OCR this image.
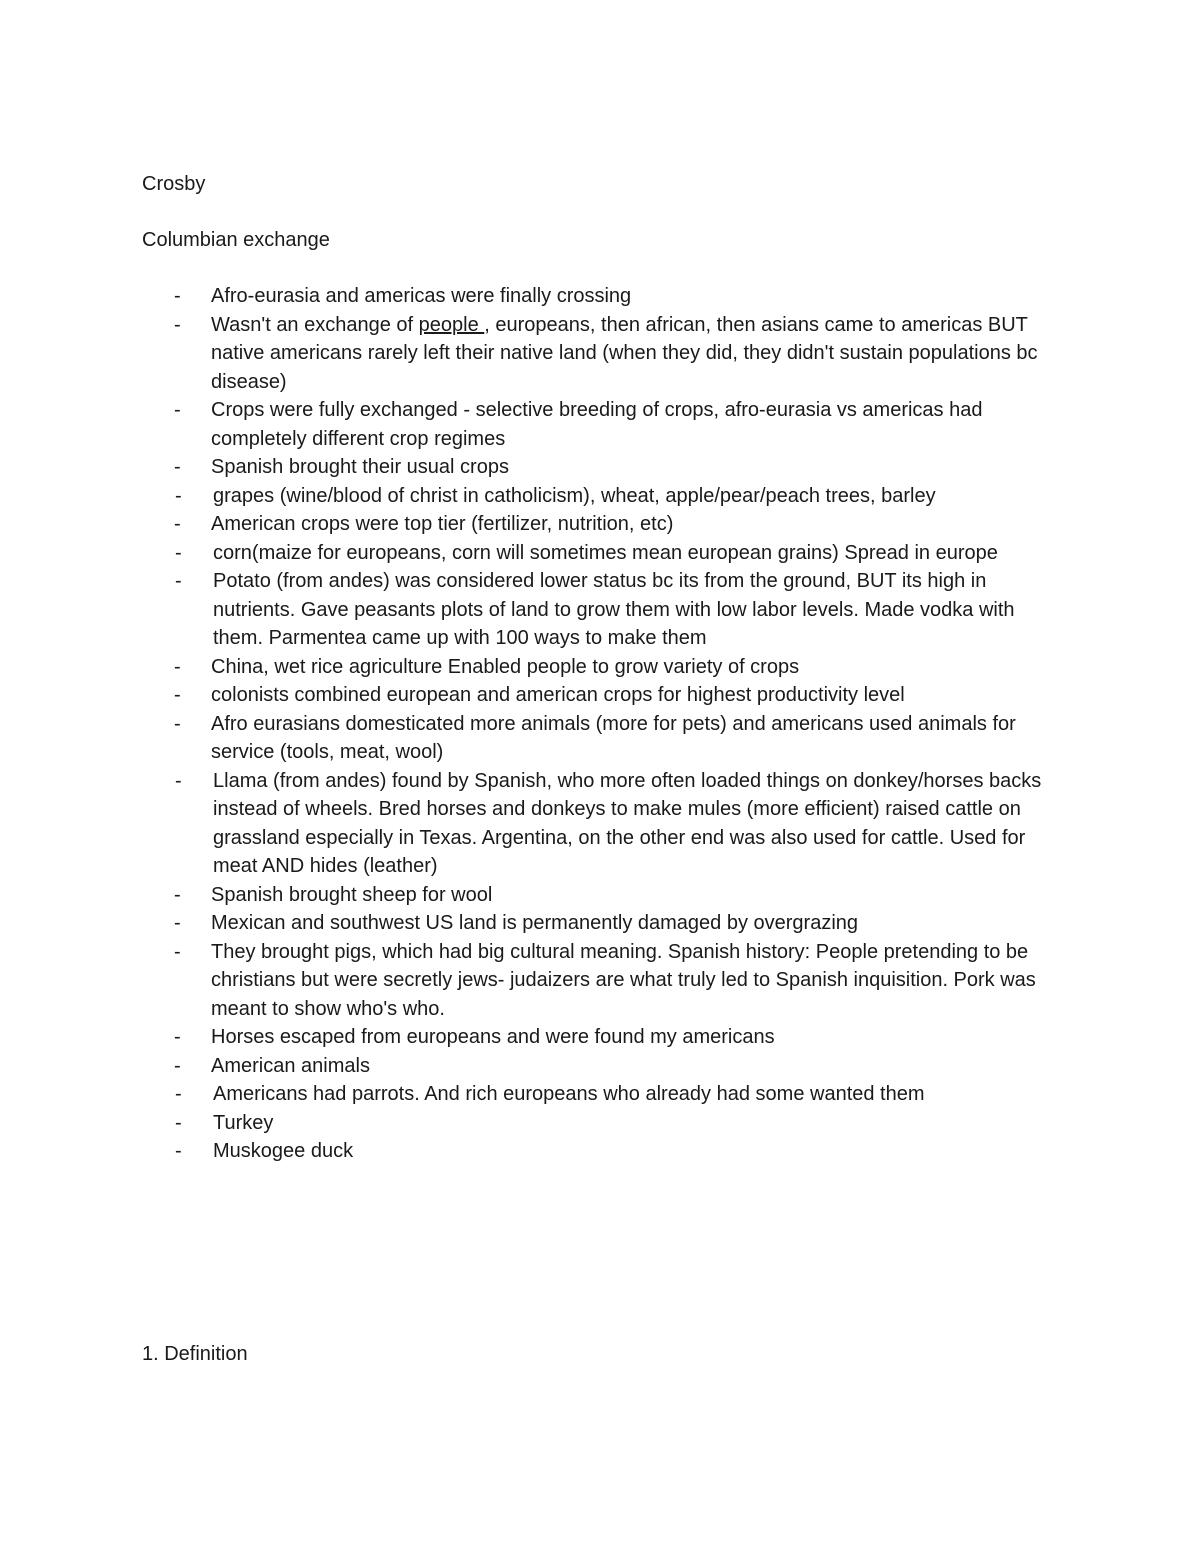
Crosby

Columbian exchange

- Afro-eurasia and americas were finally crossing
- Wasn't an exchange of people , europeans, then african, then asians came to americas BUT native americans rarely left their native land (when they did, they didn't sustain populations bc disease)
- Crops were fully exchanged - selective breeding of crops, afro-eurasia vs americas had completely different crop regimes
- Spanish brought their usual crops
- grapes (wine/blood of christ in catholicism), wheat, apple/pear/peach trees, barley
- American crops were top tier (fertilizer, nutrition, etc)
- corn(maize for europeans, corn will sometimes mean european grains) Spread in europe
- Potato (from andes) was considered lower status bc its from the ground, BUT its high in nutrients. Gave peasants plots of land to grow them with low labor levels. Made vodka with them. Parmentea came up with 100 ways to make them
- China, wet rice agriculture Enabled people to grow variety of crops
- colonists combined european and american crops for highest productivity level
- Afro eurasians domesticated more animals (more for pets) and americans used animals for service (tools, meat, wool)
- Llama (from andes) found by Spanish, who more often loaded things on donkey/horses backs instead of wheels. Bred horses and donkeys to make mules (more efficient) raised cattle on grassland especially in Texas. Argentina, on the other end was also used for cattle. Used for meat AND hides (leather)
- Spanish brought sheep for wool
- Mexican and southwest US land is permanently damaged by overgrazing
- They brought pigs, which had big cultural meaning. Spanish history: People pretending to be christians but were secretly jews- judaizers are what truly led to Spanish inquisition. Pork was meant to show who's who.
- Horses escaped from europeans and were found my americans
- American animals
- Americans had parrots. And rich europeans who already had some wanted them
- Turkey
- Muskogee duck
1. Definition
